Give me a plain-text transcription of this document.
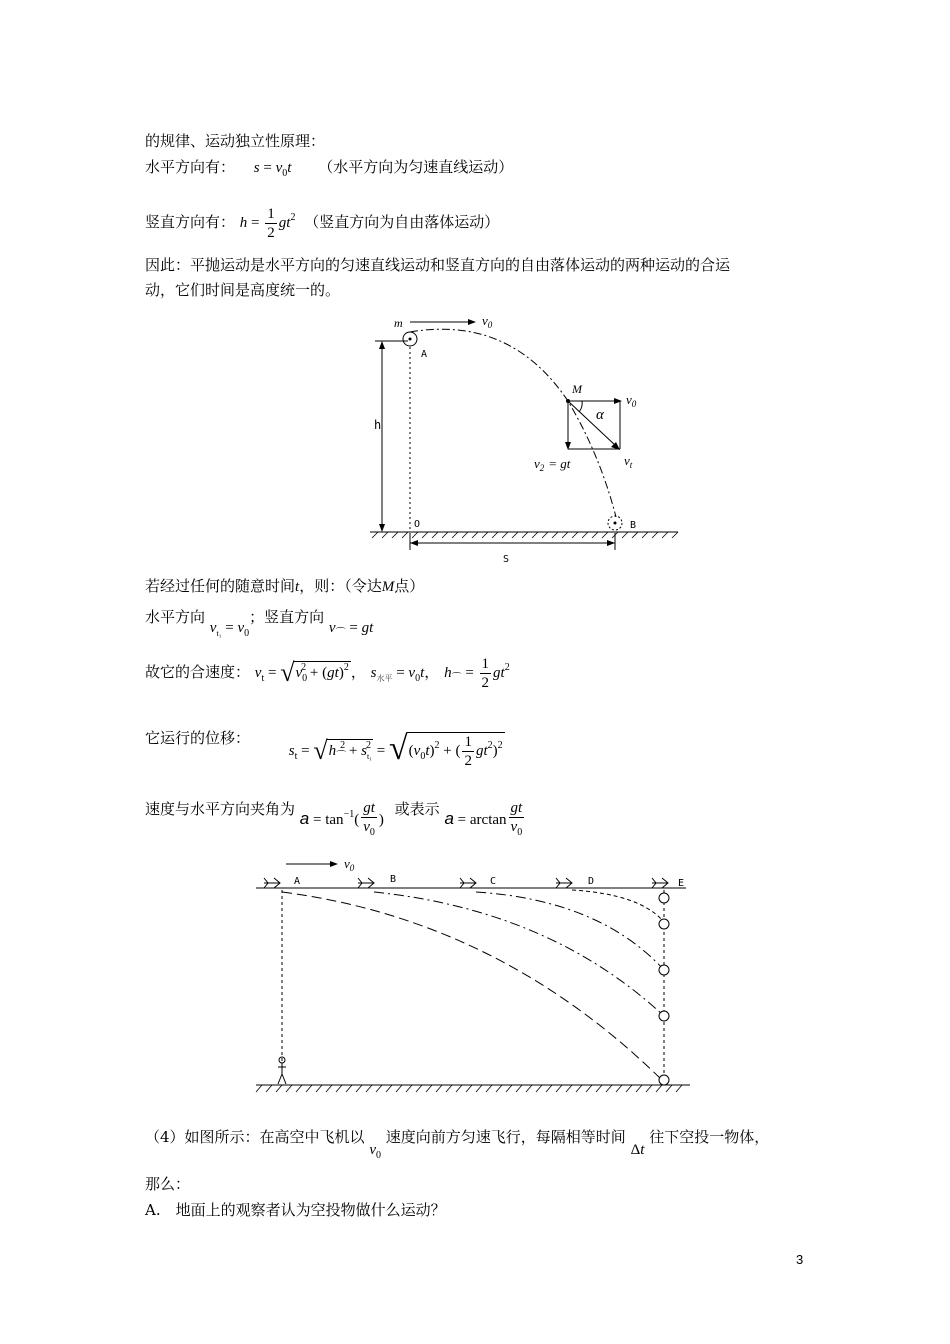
的规律、运动独立性原理：
水平方向有： $s = v_0t$ （水平方向为匀速直线运动）
竖直方向有： $h = \frac{1}{2} gt^2$ （竖直方向为自由落体运动）
因此：平抛运动是水平方向的匀速直线运动和竖直方向的自由落体运动的两种运动的合运
动，它们时间是高度统一的。
h
m
A
$v_0$
M
α
$v_0$
$v_2$ = gt	$v_t$
B
O
S
若经过任何的随意时间t，则：（令达M点）
水平方向 $v_{t_1} = v_0$；竖直方向 $v_⌒$ = gt
故它的合速度： $v_t = √v_0^2 + (gt)^2$ ， $s_{水平} = v_0t$， $h_⌒ = \frac{1}{2} gt^2$
它运行的位移： $s_t = √h_⌒^2 + s_{t_1}^2 = √(v_0t)^2$ + ( $\frac{1}{2} gt^2)^2$
速度与水平方向夹角为 $a = \tan^{-1}( \frac{gt}{v_0}$ ) 或表示 $a = \arctan \frac{gt}{v_0}$
$v_0$
A	B	C	D	E
（4）如图所示：在高空中飞机以 $v_0$ 速度向前方匀速飞行，每隔相等时间 Δt 往下空投一物体，
那么：
A.　地面上的观察者认为空投物做什么运动？
3
